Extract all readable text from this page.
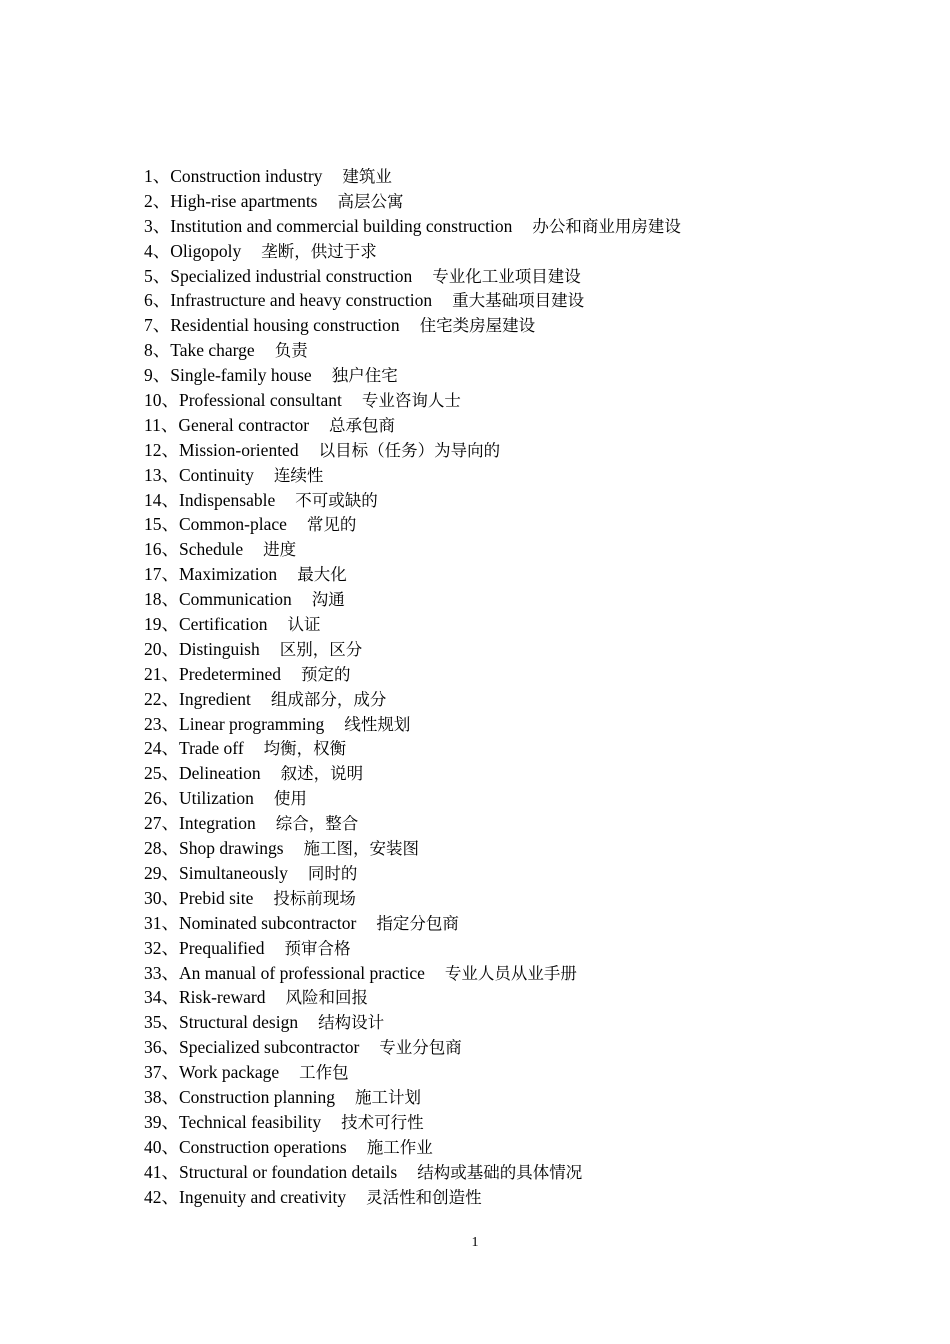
1、Construction industry 建筑业
2、High-rise apartments 高层公寓
3、Institution and commercial building construction 办公和商业用房建设
4、Oligopoly 垄断，供过于求
5、Specialized industrial construction 专业化工业项目建设
6、Infrastructure and heavy construction 重大基础项目建设
7、Residential housing construction 住宅类房屋建设
8、Take charge 负责
9、Single-family house 独户住宅
10、Professional consultant 专业咨询人士
11、General contractor 总承包商
12、Mission-oriented 以目标（任务）为导向的
13、Continuity 连续性
14、Indispensable 不可或缺的
15、Common-place 常见的
16、Schedule 进度
17、Maximization 最大化
18、Communication 沟通
19、Certification 认证
20、Distinguish 区别，区分
21、Predetermined 预定的
22、Ingredient 组成部分，成分
23、Linear programming 线性规划
24、Trade off 均衡，权衡
25、Delineation 叙述，说明
26、Utilization 使用
27、Integration 综合，整合
28、Shop drawings 施工图，安装图
29、Simultaneously 同时的
30、Prebid site 投标前现场
31、Nominated subcontractor 指定分包商
32、Prequalified 预审合格
33、An manual of professional practice 专业人员从业手册
34、Risk-reward 风险和回报
35、Structural design 结构设计
36、Specialized subcontractor 专业分包商
37、Work package 工作包
38、Construction planning 施工计划
39、Technical feasibility 技术可行性
40、Construction operations 施工作业
41、Structural or foundation details 结构或基础的具体情况
42、Ingenuity and creativity 灵活性和创造性
1
